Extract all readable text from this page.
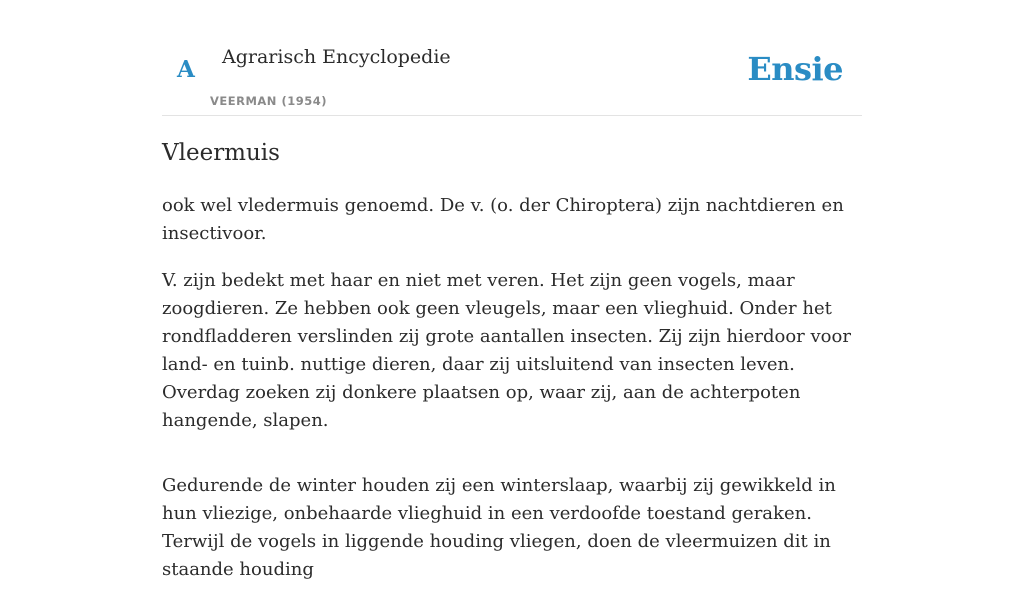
A Agrarisch Encyclopedie
VEERMAN (1954)
Ensie
Vleermuis

ook wel vledermuis genoemd. De v. (o. der Chiroptera) zijn nachtdieren en insectivoor.

V. zijn bedekt met haar en niet met veren. Het zijn geen vogels, maar zoogdieren. Ze hebben ook geen vleugels, maar een vlieghuid. Onder het rondfladderen verslinden zij grote aantallen insecten. Zij zijn hierdoor voor land- en tuinb. nuttige dieren, daar zij uitsluitend van insecten leven. Overdag zoeken zij donkere plaatsen op, waar zij, aan de achterpoten hangende, slapen.

Gedurende de winter houden zij een winterslaap, waarbij zij gewikkeld in hun vliezige, onbehaarde vlieghuid in een verdoofde toestand geraken. Terwijl de vogels in liggende houding vliegen, doen de vleermuizen dit in staande houding
